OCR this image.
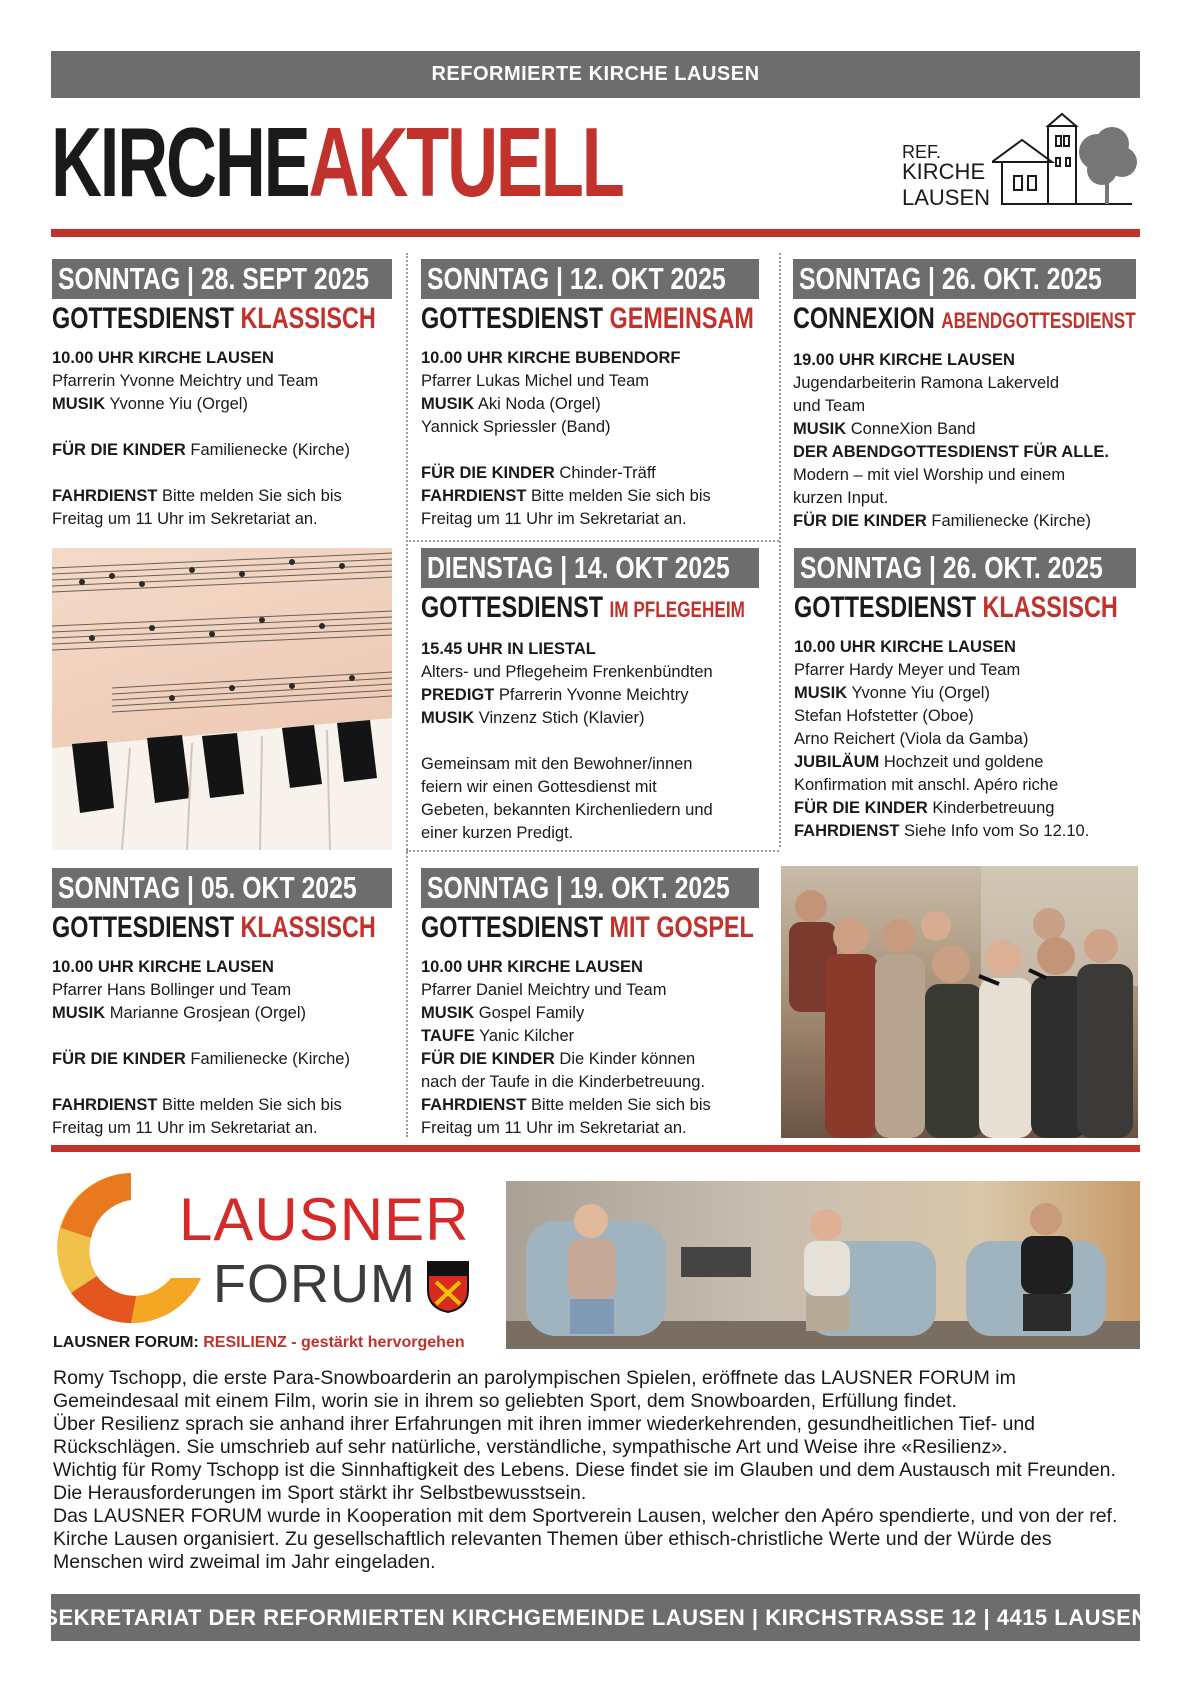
REFORMIERTE KIRCHE LAUSEN
KIRCHEAKTUELL	REF.
KIRCHE
LAUSEN
SONNTAG | 28. SEPT 2025
GOTTESDIENST KLASSISCH

10.00 UHR KIRCHE LAUSEN

Pfarrerin Yvonne Meichtry und Team

MUSIK Yvonne Yiu (Orgel)

FÜR DIE KINDER Familienecke (Kirche)

FAHRDIENST Bitte melden Sie sich bis

Freitag um 11 Uhr im Sekretariat an.

SONNTAG | 12. OKT 2025
GOTTESDIENST GEMEINSAM

10.00 UHR KIRCHE BUBENDORF

Pfarrer Lukas Michel und Team

MUSIK Aki Noda (Orgel)

Yannick Spriessler (Band)

FÜR DIE KINDER Chinder-Träff

FAHRDIENST Bitte melden Sie sich bis

Freitag um 11 Uhr im Sekretariat an.

SONNTAG | 26. OKT. 2025
CONNEXION ABENDGOTTESDIENST

19.00 UHR KIRCHE LAUSEN

Jugendarbeiterin Ramona Lakerveld

und Team

MUSIK ConneXion Band

DER ABENDGOTTESDIENST FÜR ALLE.

Modern – mit viel Worship und einem

kurzen Input.

FÜR DIE KINDER Familienecke (Kirche)

DIENSTAG | 14. OKT 2025
GOTTESDIENST IM PFLEGEHEIM

15.45 UHR IN LIESTAL

Alters- und Pflegeheim Frenkenbündten

PREDIGT Pfarrerin Yvonne Meichtry

MUSIK Vinzenz Stich (Klavier)

Gemeinsam mit den Bewohner/innen

feiern wir einen Gottesdienst mit

Gebeten, bekannten Kirchenliedern und

einer kurzen Predigt.

SONNTAG | 26. OKT. 2025
GOTTESDIENST KLASSISCH

10.00 UHR KIRCHE LAUSEN

Pfarrer Hardy Meyer und Team

MUSIK Yvonne Yiu (Orgel)

Stefan Hofstetter (Oboe)

Arno Reichert (Viola da Gamba)

JUBILÄUM Hochzeit und goldene

Konfirmation mit anschl. Apéro riche

FÜR DIE KINDER Kinderbetreuung

FAHRDIENST Siehe Info vom So 12.10.

SONNTAG | 05. OKT 2025
GOTTESDIENST KLASSISCH

10.00 UHR KIRCHE LAUSEN

Pfarrer Hans Bollinger und Team

MUSIK Marianne Grosjean (Orgel)

FÜR DIE KINDER Familienecke (Kirche)

FAHRDIENST Bitte melden Sie sich bis

Freitag um 11 Uhr im Sekretariat an.

SONNTAG | 19. OKT. 2025
GOTTESDIENST MIT GOSPEL

10.00 UHR KIRCHE LAUSEN

Pfarrer Daniel Meichtry und Team

MUSIK Gospel Family

TAUFE Yanic Kilcher

FÜR DIE KINDER Die Kinder können

nach der Taufe in die Kinderbetreuung.

FAHRDIENST Bitte melden Sie sich bis

Freitag um 11 Uhr im Sekretariat an.

LAUSNER
FORUM
LAUSNER FORUM: RESILIENZ - gestärkt hervorgehen

Romy Tschopp, die erste Para-Snowboarderin an parolympischen Spielen, eröffnete das LAUSNER FORUM im Gemeindesaal mit einem Film, worin sie in ihrem so geliebten Sport, dem Snowboarden, Erfüllung findet.

Über Resilienz sprach sie anhand ihrer Erfahrungen mit ihren immer wiederkehrenden, gesundheitlichen Tief- und Rückschlägen. Sie umschrieb auf sehr natürliche, verständliche, sympathische Art und Weise ihre «Resilienz».

Wichtig für Romy Tschopp ist die Sinnhaftigkeit des Lebens. Diese findet sie im Glauben und dem Austausch mit Freunden. Die Herausforderungen im Sport stärkt ihr Selbstbewusstsein.

Das LAUSNER FORUM wurde in Kooperation mit dem Sportverein Lausen, welcher den Apéro spendierte, und von der ref. Kirche Lausen organisiert. Zu gesellschaftlich relevanten Themen über ethisch-christliche Werte und der Würde des Menschen wird zweimal im Jahr eingeladen.

SEKRETARIAT DER REFORMIERTEN KIRCHGEMEINDE LAUSEN | KIRCHSTRASSE 12 | 4415 LAUSEN
